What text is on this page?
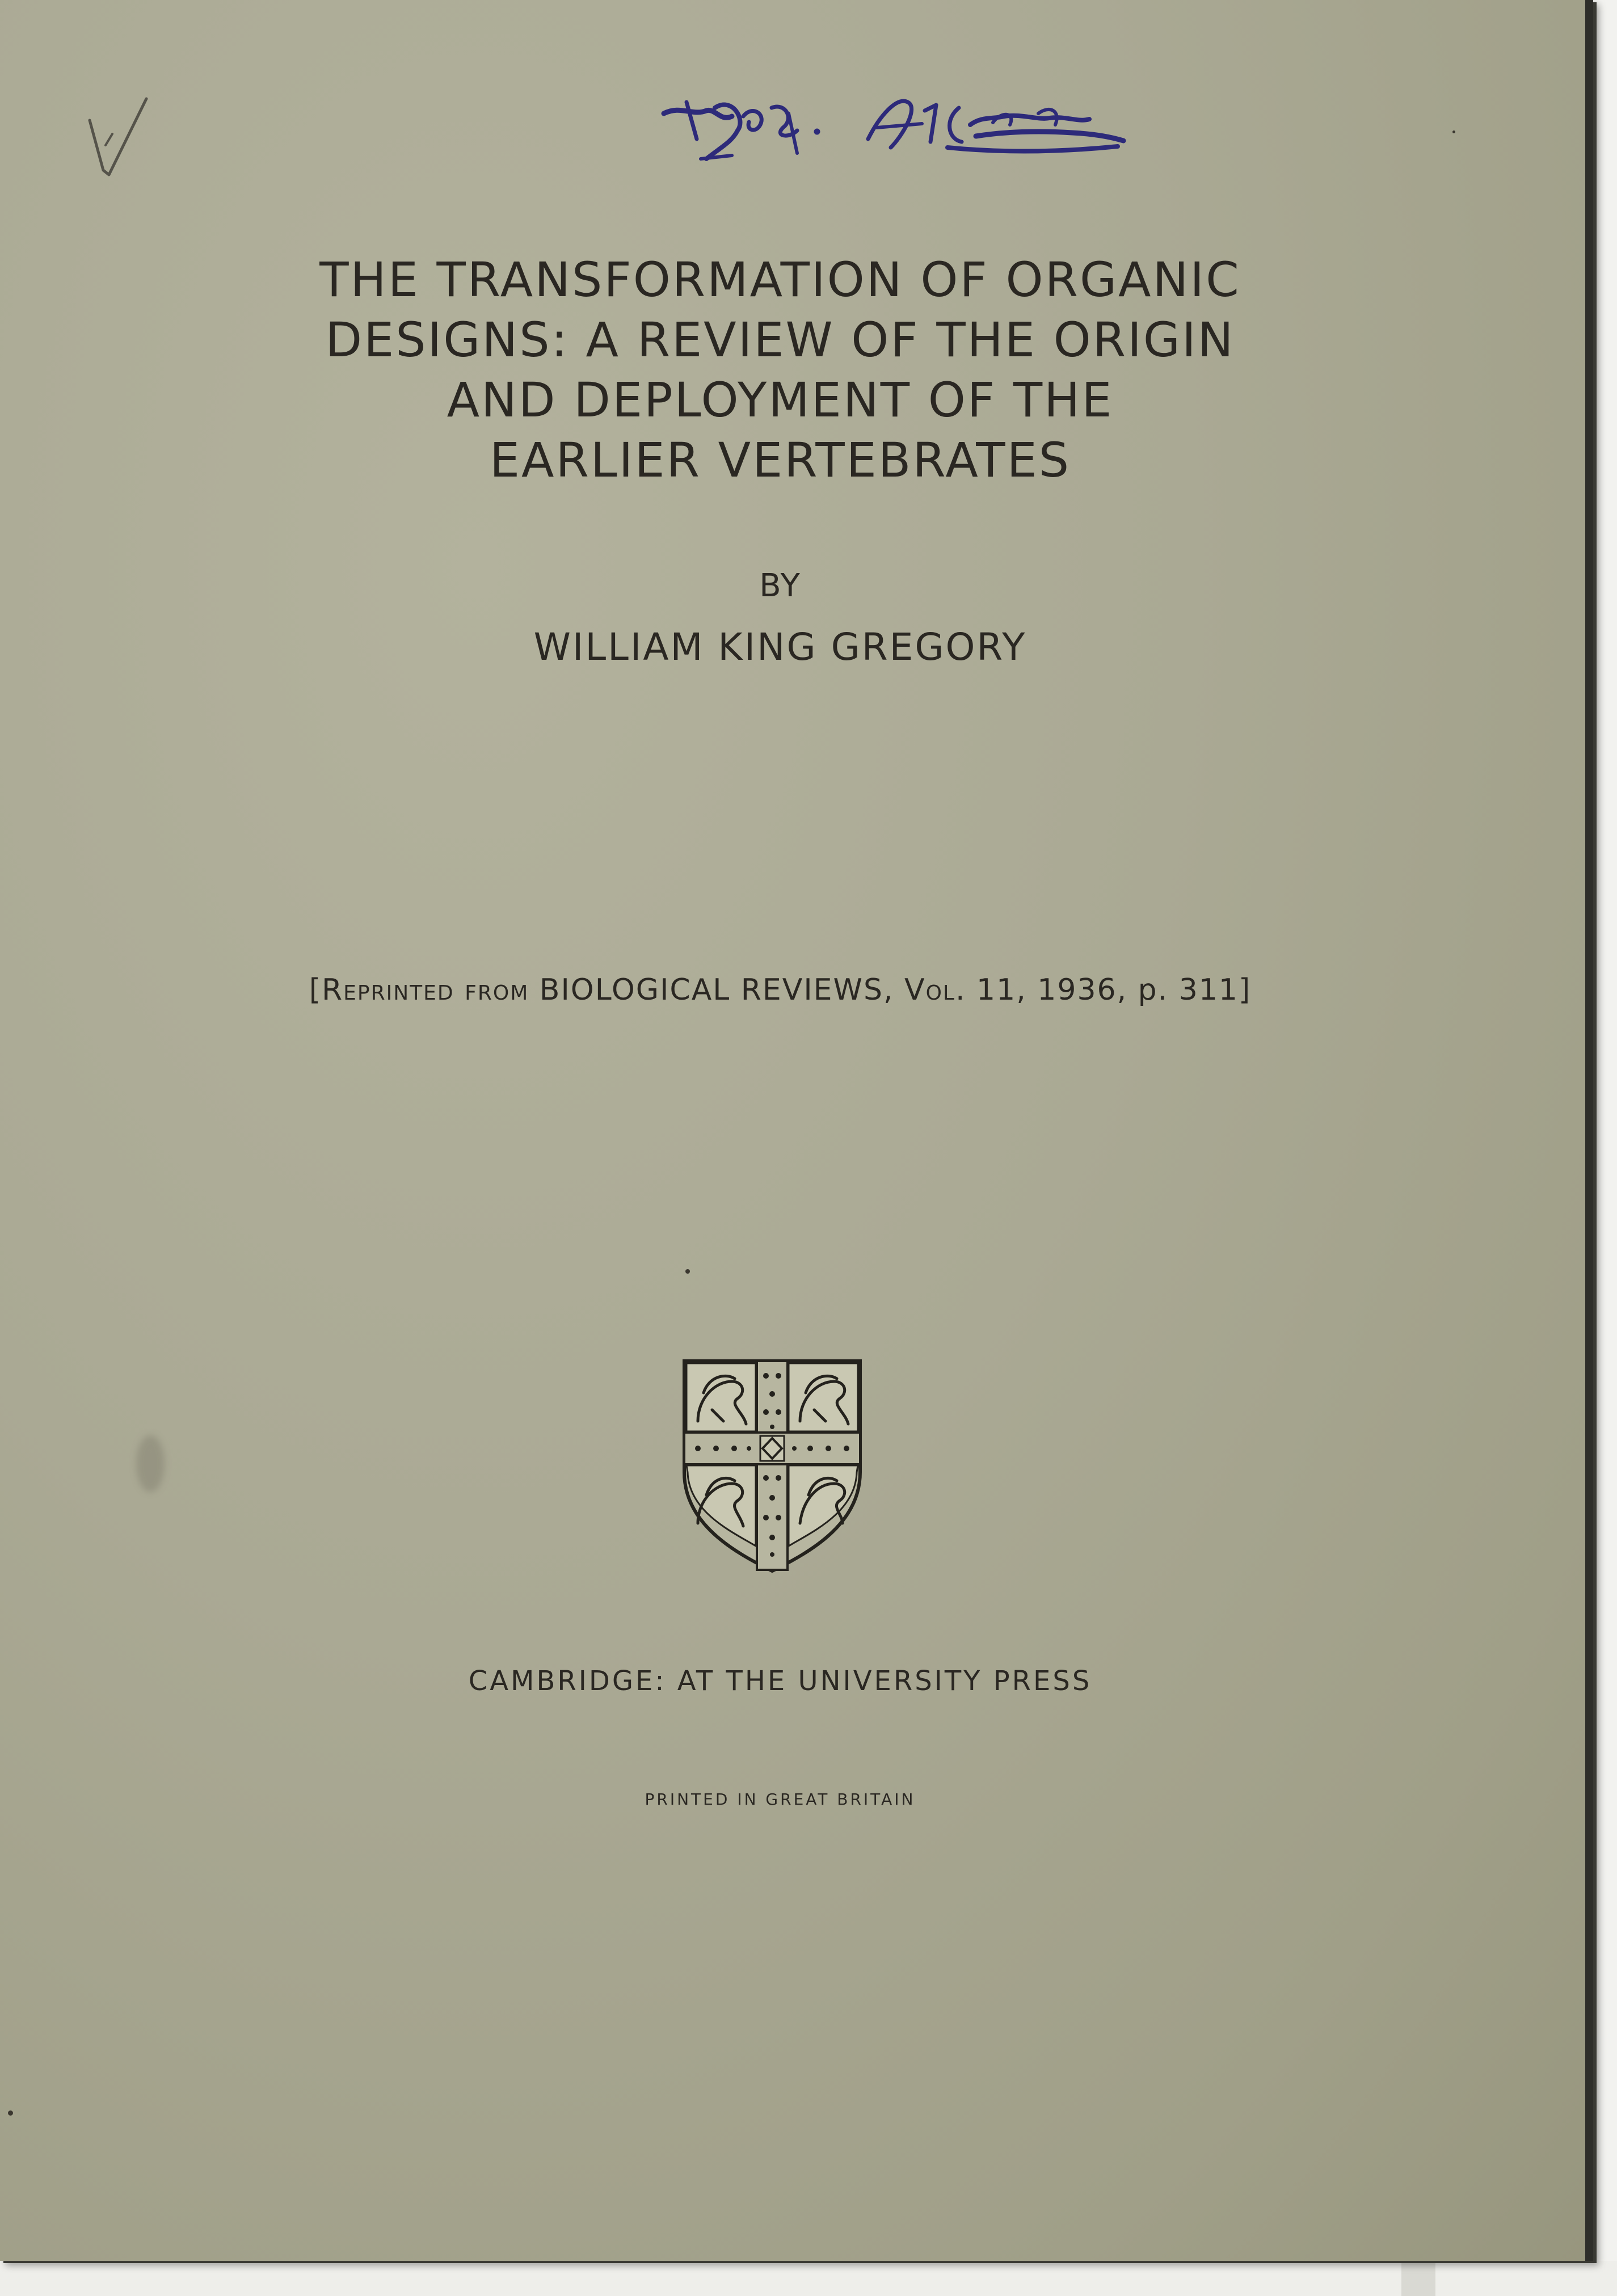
THE TRANSFORMATION OF ORGANIC
DESIGNS: A REVIEW OF THE ORIGIN
AND DEPLOYMENT OF THE
EARLIER VERTEBRATES
BY
WILLIAM KING GREGORY
[Reprinted from BIOLOGICAL REVIEWS, Vol. 11, 1936, p. 311]
CAMBRIDGE: AT THE UNIVERSITY PRESS
PRINTED IN GREAT BRITAIN
